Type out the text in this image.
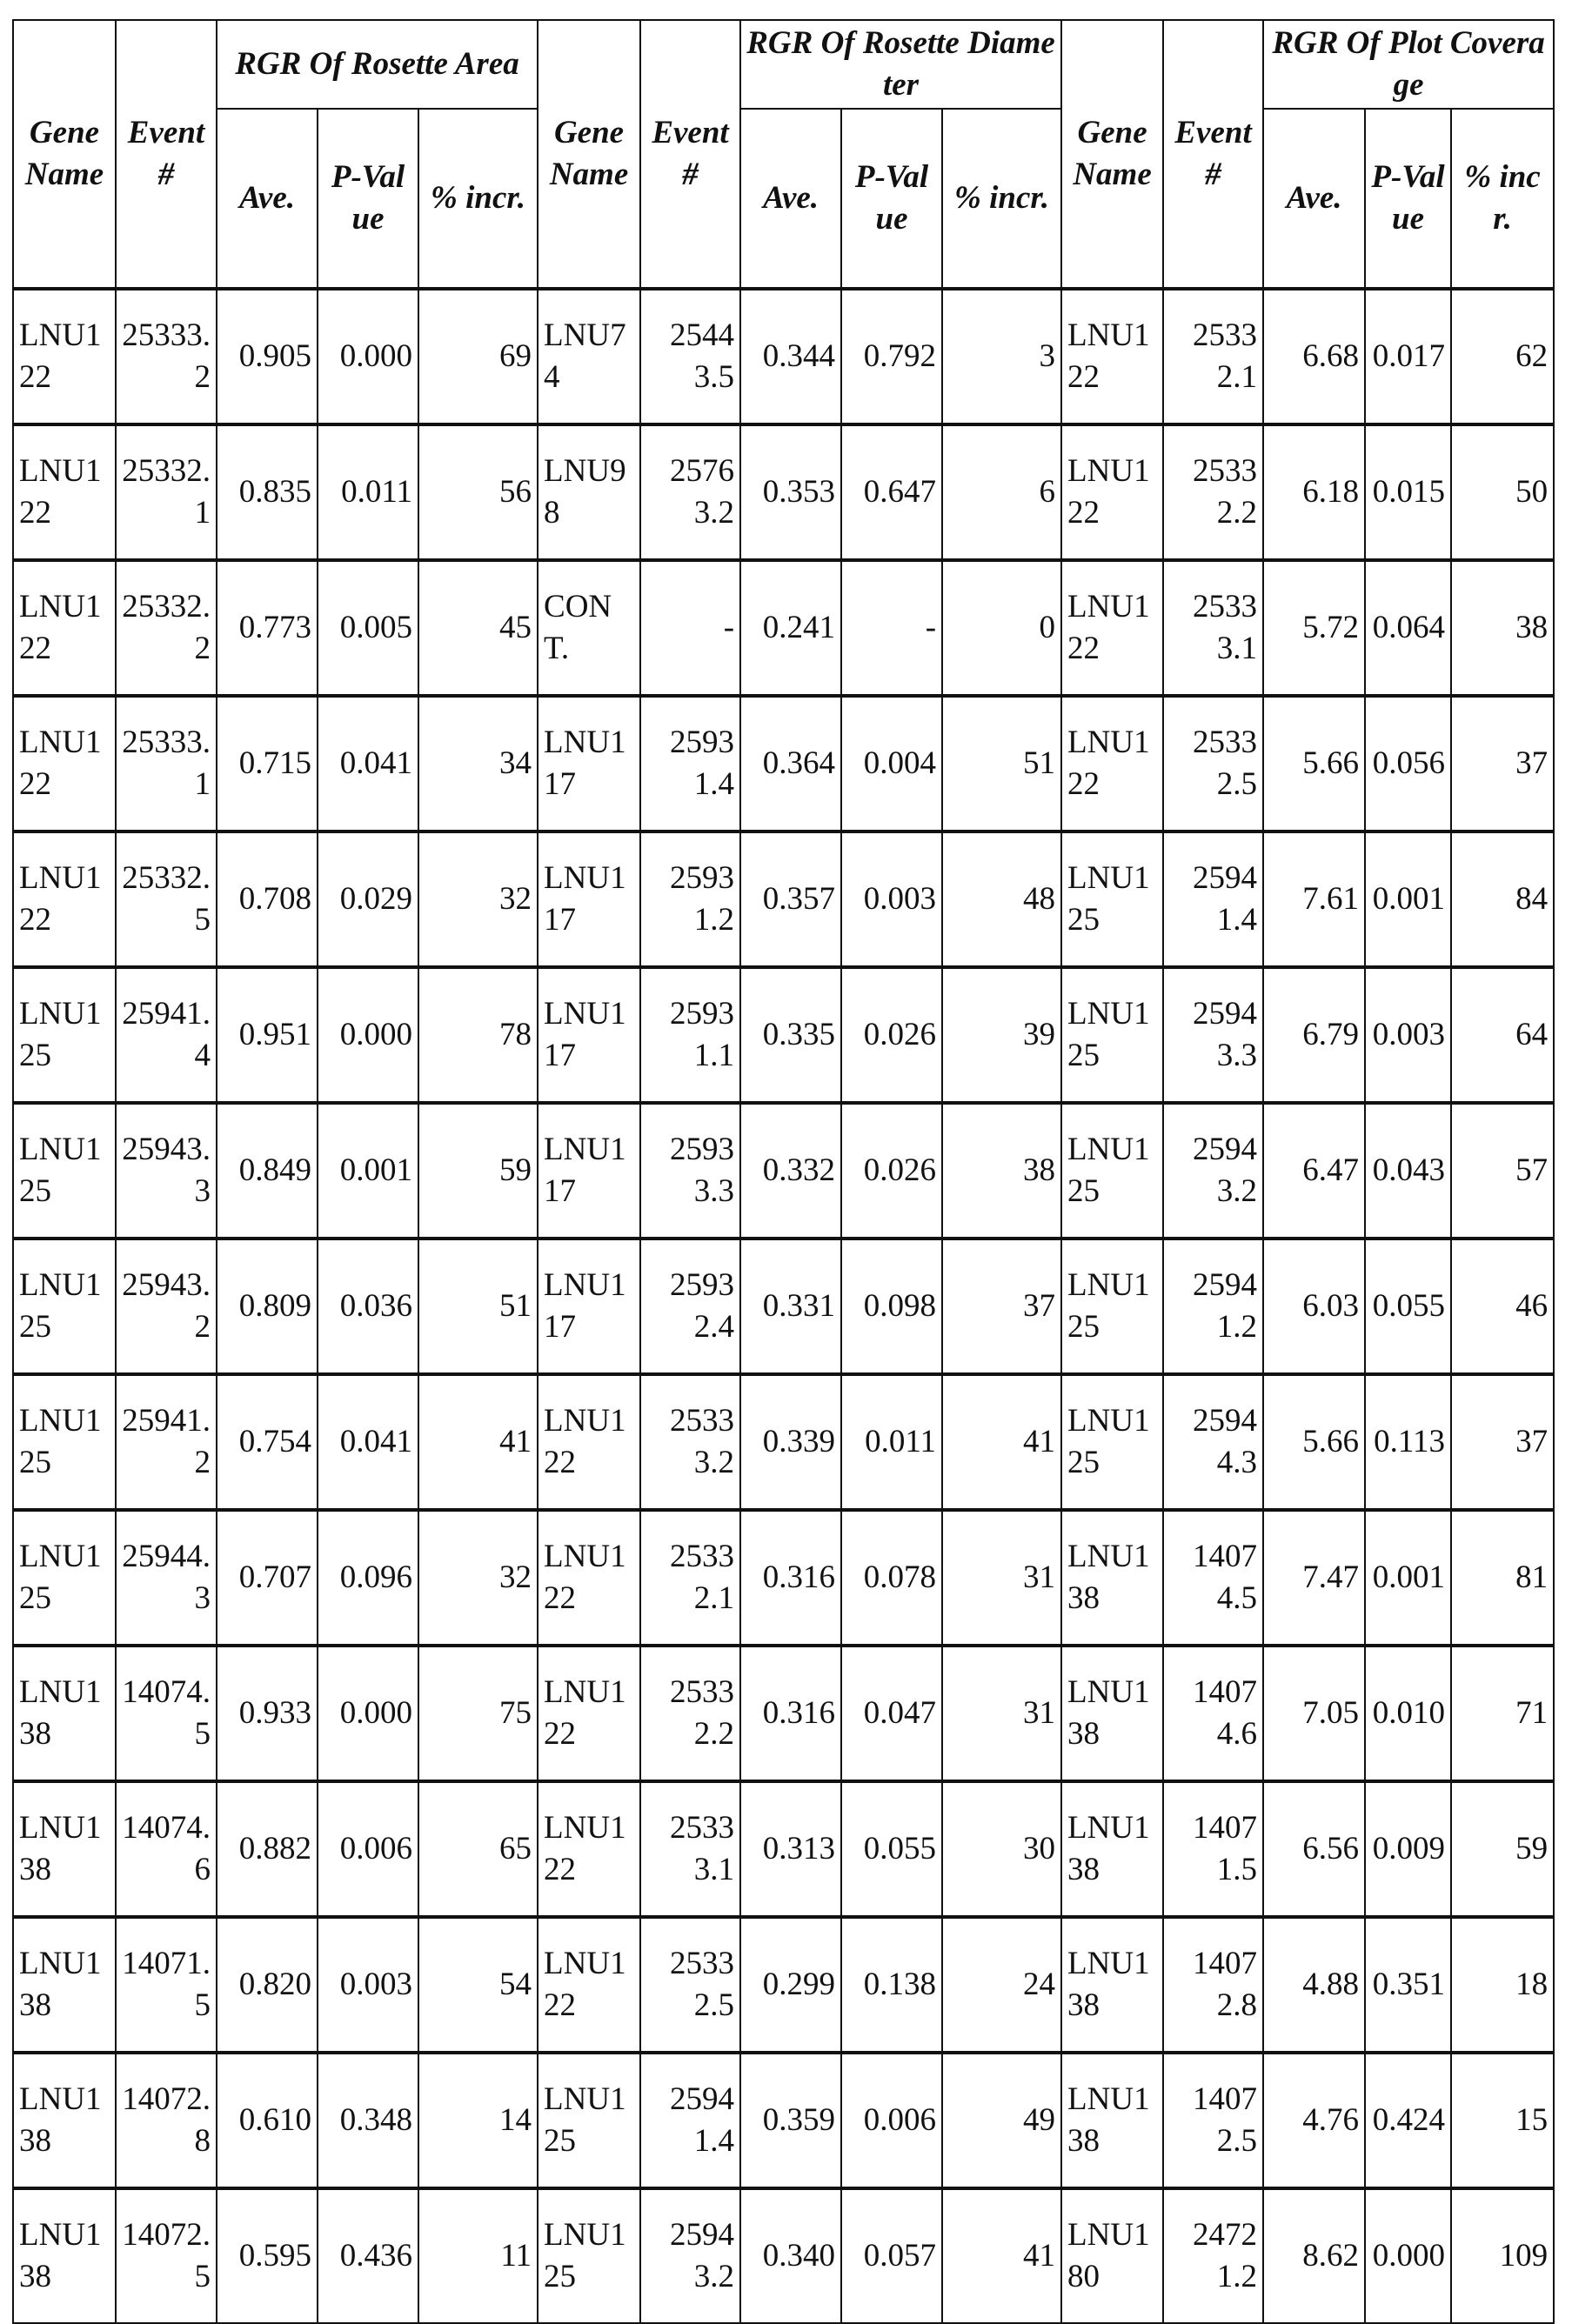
Gene Name	Event #	RGR Of Rosette Area	Gene Name	Event #	RGR Of Rosette Diameter	Gene Name	Event #	RGR Of Plot Coverage
Ave.	P-Value	% incr.	Ave.	P-Value	% incr.	Ave.	P-Value	% incr.
LNU122	25333.2	0.905	0.000	69	LNU74	25443.5	0.344	0.792	3	LNU122	25332.1	6.68	0.017	62
LNU122	25332.1	0.835	0.011	56	LNU98	25763.2	0.353	0.647	6	LNU122	25332.2	6.18	0.015	50
LNU122	25332.2	0.773	0.005	45	CONT.	-	0.241	-	0	LNU122	25333.1	5.72	0.064	38
LNU122	25333.1	0.715	0.041	34	LNU117	25931.4	0.364	0.004	51	LNU122	25332.5	5.66	0.056	37
LNU122	25332.5	0.708	0.029	32	LNU117	25931.2	0.357	0.003	48	LNU125	25941.4	7.61	0.001	84
LNU125	25941.4	0.951	0.000	78	LNU117	25931.1	0.335	0.026	39	LNU125	25943.3	6.79	0.003	64
LNU125	25943.3	0.849	0.001	59	LNU117	25933.3	0.332	0.026	38	LNU125	25943.2	6.47	0.043	57
LNU125	25943.2	0.809	0.036	51	LNU117	25932.4	0.331	0.098	37	LNU125	25941.2	6.03	0.055	46
LNU125	25941.2	0.754	0.041	41	LNU122	25333.2	0.339	0.011	41	LNU125	25944.3	5.66	0.113	37
LNU125	25944.3	0.707	0.096	32	LNU122	25332.1	0.316	0.078	31	LNU138	14074.5	7.47	0.001	81
LNU138	14074.5	0.933	0.000	75	LNU122	25332.2	0.316	0.047	31	LNU138	14074.6	7.05	0.010	71
LNU138	14074.6	0.882	0.006	65	LNU122	25333.1	0.313	0.055	30	LNU138	14071.5	6.56	0.009	59
LNU138	14071.5	0.820	0.003	54	LNU122	25332.5	0.299	0.138	24	LNU138	14072.8	4.88	0.351	18
LNU138	14072.8	0.610	0.348	14	LNU125	25941.4	0.359	0.006	49	LNU138	14072.5	4.76	0.424	15
LNU138	14072.5	0.595	0.436	11	LNU125	25943.2	0.340	0.057	41	LNU180	24721.2	8.62	0.000	109
